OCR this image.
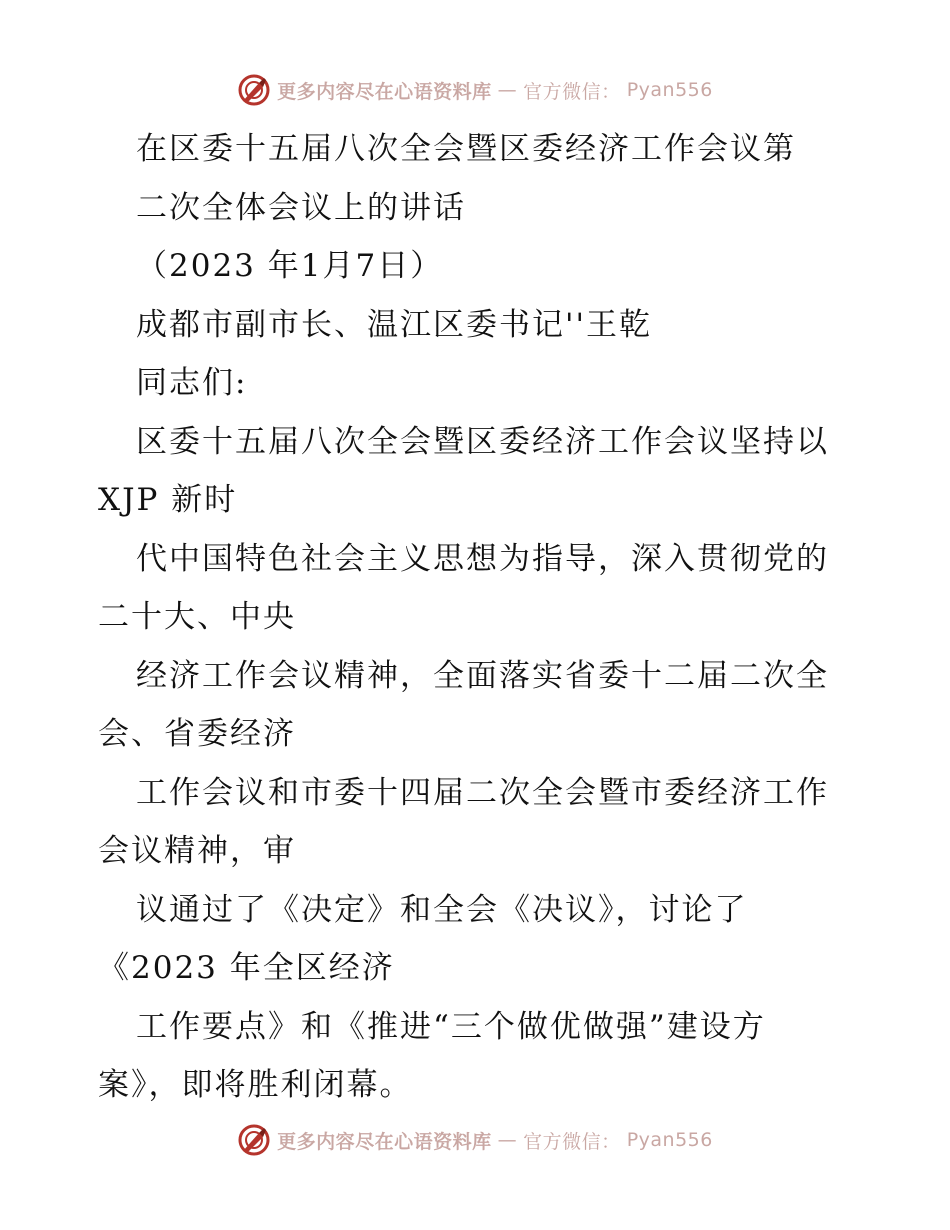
更多内容尽在心语资料库 — 官方微信： Pyan556
在区委十五届八次全会暨区委经济工作会议第
二次全体会议上的讲话
（2023 年1月7日）
成都市副市长、温江区委书记''王乾
同志们:
区委十五届八次全会暨区委经济工作会议坚持以
XJP 新时
代中国特色社会主义思想为指导，深入贯彻党的
二十大、中央
经济工作会议精神，全面落实省委十二届二次全
会、省委经济
工作会议和市委十四届二次全会暨市委经济工作
会议精神，审
议通过了《决定》和全会《决议》，讨论了
《2023 年全区经济
工作要点》和《推进“三个做优做强”建设方
案》，即将胜利闭幕。
更多内容尽在心语资料库 — 官方微信： Pyan556
